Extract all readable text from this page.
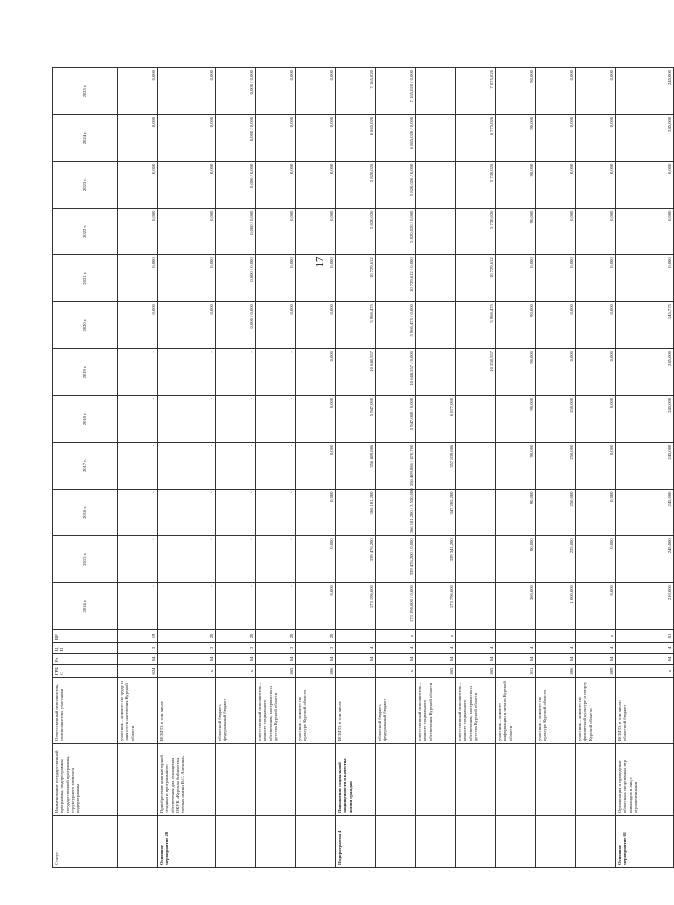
17
Статус	Наименование государственной программы, подпрограммы государственной программы, структурного элемента подпрограммы	Ответственный исполнитель, соисполнители, участники	ГРБС	Рз	ЦП	ВР	2014 г.	2015 г.	2016 г.	2017 г.	2018 г.	2019 г.	2020 г.	2021 г.	2022 г.	2023 г.	2024 г.	2025 г.
		участник – комитет по труду и занятости населения Курской области	824	04	3	19	-	-	-	-	-	-	0,000	0,000	0,000	0,000	0,000	0,000
Основное мероприятие 20	Приобретение компьютерной техники и программного обеспечения для оснащения ОКУК «Курская библиотека слепых имени В.С. Алехина»	ВСЕГО, в том числе	x	04	3	20	-	-	-	-	-	-	0,000	0,000	0,000	0,000	0,000	0,000
		областной бюджет, федеральный бюджет	x	04	3	20	-	-	-	-	-	-	0,000 / 0,000	0,000 / 0,000	0,000 / 0,000	0,000 / 0,000	0,000 / 0,000	0,000 / 0,000
		ответственный исполнитель – комитет социального обеспечения, материнства и детства Курской области	865	04	3	20	-	-	-	-	-	-	0,000	0,000	0,000	0,000	0,000	0,000
		участник – комитет по культуре Курской области	806	04	3	20	0,000	0,000	0,000	0,000	0,000	0,000	0,000	0,000	0,000	0,000	0,000	0,000
Подпрограмма 4	Повышение социальной защищенности и качества жизни граждан	ВСЕГО, в том числе		04	4		173 196,600	339 476,200	366 181,200	356 409,886	5 947,000	10 648,557	5 966,475	10 729,612	5 820,026	5 820,026	6 865,020	7 165,020
		областной бюджет, федеральный бюджет	x	04	4	x	173 196,600 / 0,000	339 476,200 / 0,000	366 181,200 / 3 550,000	356 409,886 / 470,700	5 947,000 / 0,000	10 648,557 / 0,000	5 966,475 / 0,000	10 729,612 / 0,000	5 820,026 / 0,000	5 820,026 / 0,000	6 865,020 / 0,000	7 165,020 / 0,000
		ответственный исполнитель – комитет социального обеспечения Курской области	865	04	4	x	173 796,600	339 341,200	347 205,200	357 839,886	6 877,000							
		ответственный исполнитель – комитет социального обеспечения, материнства и детства Курской области	865	04	4							10 358,557	5 966,475	10 729,612	5 730,026	5 730,026	6 775,026	7 075,026
		участник – комитет информации и печати Курской области	811	04	4		360,000	90,000	90,000	90,000	90,000	90,000	90,000	0,000	90,000	90,000	90,000	90,000
		участник – комитет по культуре Курской области	806	04	4		1 000,000	225,000	250,000	250,000	250,000	0,000	0,000	0,000	0,000	0,000	0,000	0,000
		участник – комитет по физической культуре и спорту Курской области	809	04	4	x	0,000	0,000	0,000	0,000	0,000	0,000	0,000	0,000	0,000	0,000	0,000	0,000
Основное мероприятие 01	Организация и проведение областных спортивных игр инвалидов и лиц с ограниченными	ВСЕГО, в том числе: областной бюджет	x	04	4	01	210,000	245,000	245,000	245,000	245,000	245,000	145,775	0,000	0,000	0,000	245,000	245,000
